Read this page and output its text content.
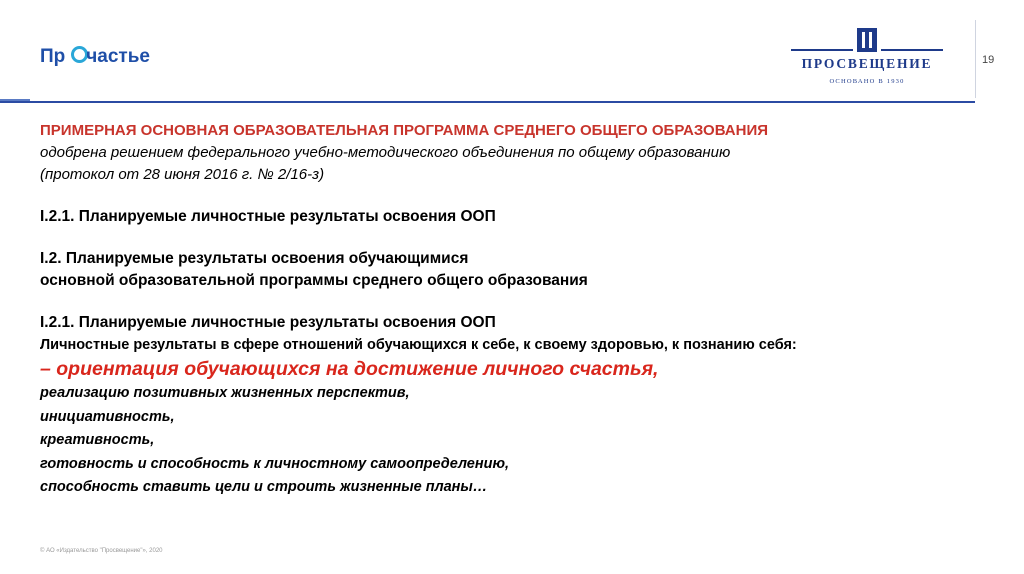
Пр частье	ПРОСВЕЩЕНИЕ
ОСНОВАНО В 1930
19

ПРИМЕРНАЯ ОСНОВНАЯ ОБРАЗОВАТЕЛЬНАЯ ПРОГРАММА СРЕДНЕГО ОБЩЕГО ОБРАЗОВАНИЯ

одобрена решением федерального учебно-методического объединения по общему образованию

(протокол от 28 июня 2016 г. № 2/16-з)

I.2.1. Планируемые личностные результаты освоения ООП

I.2. Планируемые результаты освоения обучающимися

основной образовательной программы среднего общего образования

I.2.1. Планируемые личностные результаты освоения ООП

Личностные результаты в сфере отношений обучающихся к себе, к своему здоровью, к познанию себя:

– ориентация обучающихся на достижение личного счастья,

реализацию позитивных жизненных перспектив,

инициативность,

креативность,

готовность и способность к личностному самоопределению,

способность ставить цели и строить жизненные планы…

© АО «Издательство "Просвещение"», 2020
